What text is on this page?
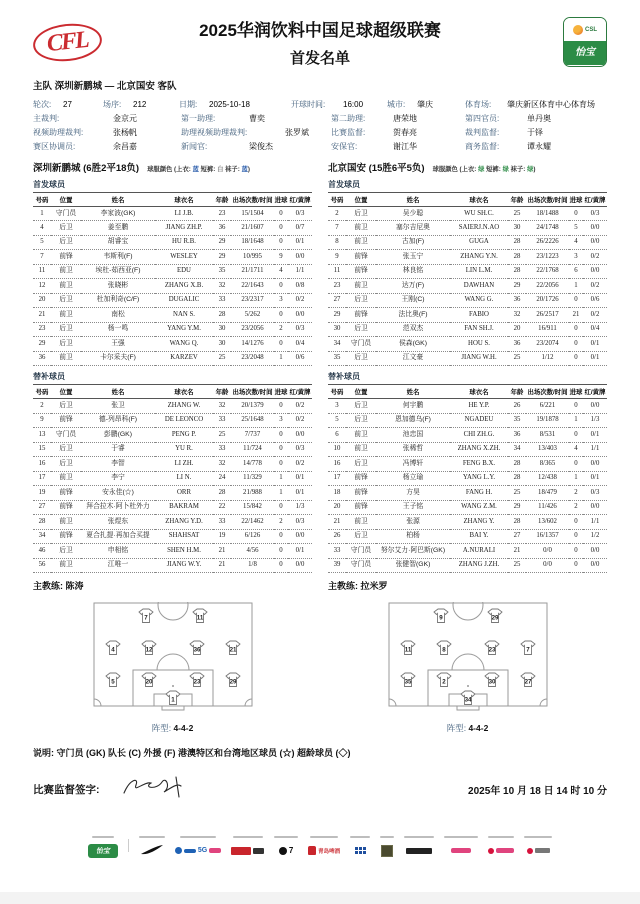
CFL	2025华润饮料中国足球超级联赛
首发名单
CSL
怡宝
主队 深圳新鹏城 — 北京国安 客队
轮次: 27	场序: 212	日期: 2025-10-18	开球时间: 16:00	城市: 肇庆	体育场: 肇庆新区体育中心体育场
主裁判:	金京元	第一助理:	曹奕	第二助理:	唐荣地	第四官员:	单丹奥
视频助理裁判:	张杨帆	助理视频助理裁判:	张罗斌	比赛监督:	贺春亮	裁判监督:	于铎
赛区协调员:	余昌嘉	新闻官:	梁俊杰	安保官:	谢江华	商务监督:	谭永耀
深圳新鹏城 (6胜2平18负) 球服颜色 (上衣: 蓝 短裤: 白 袜子: 蓝)
首发球员
号码	位置	姓名	球衣名	年龄	出场次数/时间	进球	红/黄牌
1	守门员	李家波(GK)	LI J.B.	23	15/1504	0	0/3
4	后卫	姜至鹏	JIANG ZH.P.	36	21/1607	0	0/7
5	后卫	胡睿宝	HU R.B.	29	18/1648	0	0/1
7	前锋	韦斯利(F)	WESLEY	29	10/995	9	0/0
11	前卫	埃杜-茹西亚(F)	EDU	35	21/1711	4	1/1
12	前卫	张晓彬	ZHANG X.B.	32	22/1643	0	0/8
20	后卫	杜加利奇(C/F)	DUGALIC	33	23/2317	3	0/2
21	前卫	南松	NAN S.	28	5/262	0	0/0
23	后卫	杨一鸣	YANG Y.M.	30	23/2056	2	0/3
29	后卫	王强	WANG Q.	30	14/1276	0	0/4
36	前卫	卡尔采夫(F)	KARZEV	25	23/2048	1	0/6
替补球员
号码	位置	姓名	球衣名	年龄	出场次数/时间	进球	红/黄牌
2	后卫	张卫	ZHANG W.	32	20/1379	0	0/2
9	前锋	德-列昂科(F)	DE LEONCO	33	25/1648	3	0/2
13	守门员	彭鹏(GK)	PENG P.	25	7/737	0	0/0
15	后卫	于睿	YU R.	33	11/724	0	0/3
16	后卫	李智	LI ZH.	32	14/778	0	0/2
17	前卫	李宁	LI N.	24	11/329	1	0/1
19	前锋	安永佳(☆)	ORR	28	21/988	1	0/1
27	前锋	拜合拉木·阿卜杜外力	BAKRAM	22	15/842	0	1/3
28	前卫	张煜东	ZHANG Y.D.	33	22/1462	2	0/3
34	前锋	夏合扎提·再加合买提	SHAHSAT	19	6/126	0	0/0
46	后卫	申相铭	SHEN H.M.	21	4/56	0	0/1
56	前卫	江唯一	JIANG W.Y.	21	1/8	0	0/0
主教练: 陈涛
7	11
4	12	36	21
5	20	23	29
1
阵型: 4-4-2
北京国安 (15胜6平5负) 球服颜色 (上衣: 绿 短裤: 绿 袜子: 绿)
首发球员
号码	位置	姓名	球衣名	年龄	出场次数/时间	进球	红/黄牌
2	后卫	吴少聪	WU SH.C.	25	18/1488	0	0/3
7	前卫	塞尔吉尼奥	SAIERJ.N.AO	30	24/1748	5	0/0
8	前卫	古加(F)	GUGA	28	26/2226	4	0/0
9	前锋	张玉宁	ZHANG Y.N.	28	23/1223	3	0/2
11	前锋	林良铭	LIN L.M.	28	22/1768	6	0/0
23	前卫	达万(F)	DAWHAN	29	22/2056	1	0/2
27	后卫	王刚(C)	WANG G.	36	20/1726	0	0/6
29	前锋	法比奥(F)	FABIO	32	26/2517	21	0/2
30	后卫	范双杰	FAN SH.J.	20	16/911	0	0/4
34	守门员	侯森(GK)	HOU S.	36	23/2074	0	0/1
35	后卫	江文豪	JIANG W.H.	25	1/12	0	0/1
替补球员
号码	位置	姓名	球衣名	年龄	出场次数/时间	进球	红/黄牌
3	后卫	何宇鹏	HE Y.P.	26	6/221	0	0/0
5	后卫	恩加德乌(F)	NGADEU	35	19/1878	1	1/3
6	前卫	池忠国	CHI ZH.G.	36	8/531	0	0/1
10	前卫	张稀哲	ZHANG X.ZH.	34	13/403	4	1/1
16	后卫	冯博轩	FENG B.X.	28	8/365	0	0/0
17	前锋	杨立瑜	YANG L.Y.	28	12/438	1	0/1
18	前锋	方昊	FANG H.	25	18/479	2	0/3
20	前锋	王子铭	WANG Z.M.	29	11/426	2	0/0
21	前卫	张源	ZHANG Y.	28	13/602	0	1/1
26	后卫	柏杨	BAI Y.	27	16/1357	0	1/2
33	守门员	努尔艾力·阿巴斯(GK)	A.NURALI	21	0/0	0	0/0
39	守门员	张健智(GK)	ZHANG J.ZH.	25	0/0	0	0/0
主教练: 拉米罗
9	29
11	8	23	7
35	2	30	27
34
阵型: 4-4-2
说明: 守门员 (GK) 队长 (C) 外援 (F) 港澳特区和台湾地区球员 (☆) 超龄球员 (◇)
比赛监督签字:	2025年 10 月 18 日 14 时 10 分
怡宝	5G	7	青岛啤酒
